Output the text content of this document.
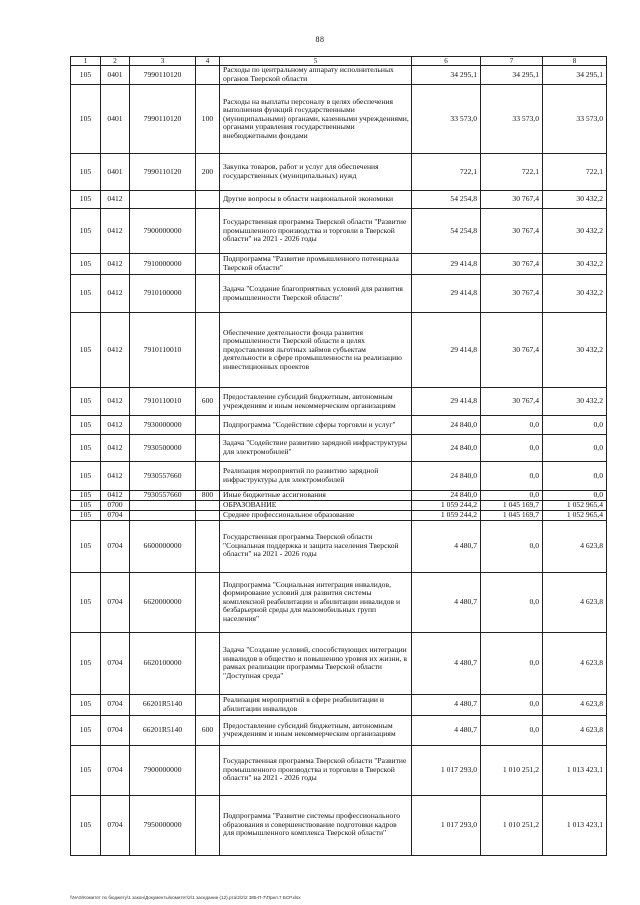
88
1	2	3	4	5	6	7	8
105	0401	7990110120		Расходы по центральному аппарату исполнительных органов Тверской области	34 295,1	34 295,1	34 295,1
105	0401	7990110120	100	Расходы на выплаты персоналу в целях обеспечения выполнения функций государственными (муниципальными) органами, казенными учреждениями, органами управления государственными внебюджетными фондами	33 573,0	33 573,0	33 573,0
105	0401	7990110120	200	Закупка товаров, работ и услуг для обеспечения государственных (муниципальных) нужд	722,1	722,1	722,1
105	0412			Другие вопросы в области национальной экономики	54 254,8	30 767,4	30 432,2
105	0412	7900000000		Государственная программа Тверской области "Развитие промышленного производства и торговли в Тверской области" на 2021 - 2026 годы	54 254,8	30 767,4	30 432,2
105	0412	7910000000		Подпрограмма "Развитие промышленного потенциала Тверской области"	29 414,8	30 767,4	30 432,2
105	0412	7910100000		Задача "Создание благоприятных условий для развития промышленности Тверской области"	29 414,8	30 767,4	30 432,2
105	0412	7910110010		Обеспечение деятельности фонда развития промышленности Тверской области в целях предоставления льготных займов субъектам деятельности в сфере промышленности на реализацию инвестиционных проектов	29 414,8	30 767,4	30 432,2
105	0412	7910110010	600	Предоставление субсидий бюджетным, автономным учреждениям и иным некоммерческим организациям	29 414,8	30 767,4	30 432,2
105	0412	7930000000		Подпрограмма "Содействие сферы торговли и услуг"	24 840,0	0,0	0,0
105	0412	7930500000		Задача "Содействие развитию зарядной инфраструктуры для электромобилей"	24 840,0	0,0	0,0
105	0412	7930557660		Реализация мероприятий по развитию зарядной инфраструктуры для электромобилей	24 840,0	0,0	0,0
105	0412	7930557660	800	Иные бюджетные ассигнования	24 840,0	0,0	0,0
105	0700			ОБРАЗОВАНИЕ	1 059 244,2	1 045 169,7	1 052 965,4
105	0704			Среднее профессиональное образование	1 059 244,2	1 045 169,7	1 052 965,4
105	0704	6600000000		Государственная программа Тверской области "Социальная поддержка и защита населения Тверской области" на 2021 - 2026 годы	4 480,7	0,0	4 623,8
105	0704	6620000000		Подпрограмма "Социальная интеграция инвалидов, формирование условий для развития системы комплексной реабилитации и абилитации инвалидов и безбарьерной среды для маломобильных групп населения"	4 480,7	0,0	4 623,8
105	0704	6620100000		Задача "Создание условий, способствующих интеграции инвалидов в общество и повышению уровня их жизни, в рамках реализации программы Тверской области "Доступная среда"	4 480,7	0,0	4 623,8
105	0704	66201R5140		Реализация мероприятий в сфере реабилитации и абилитации инвалидов	4 480,7	0,0	4 623,8
105	0704	66201R5140	600	Предоставление субсидий бюджетным, автономным учреждениям и иным некоммерческим организациям	4 480,7	0,0	4 623,8
105	0704	7900000000		Государственная программа Тверской области "Развитие промышленного производства и торговли в Тверской области" на 2021 - 2026 годы	1 017 293,0	1 010 251,2	1 013 423,1
105	0704	7950000000		Подпрограмма "Развитие системы профессионального образования и совершенствование подготовки кадров для промышленного комплекса Тверской области"	1 017 293,0	1 010 251,2	1 013 423,1
\\NAS\Комитет по бюджету\1 закон\Документы\комитет\2\1 заседание (12).рта\2\2\2 385-П-7\Прил.7 БСР.xlsx
